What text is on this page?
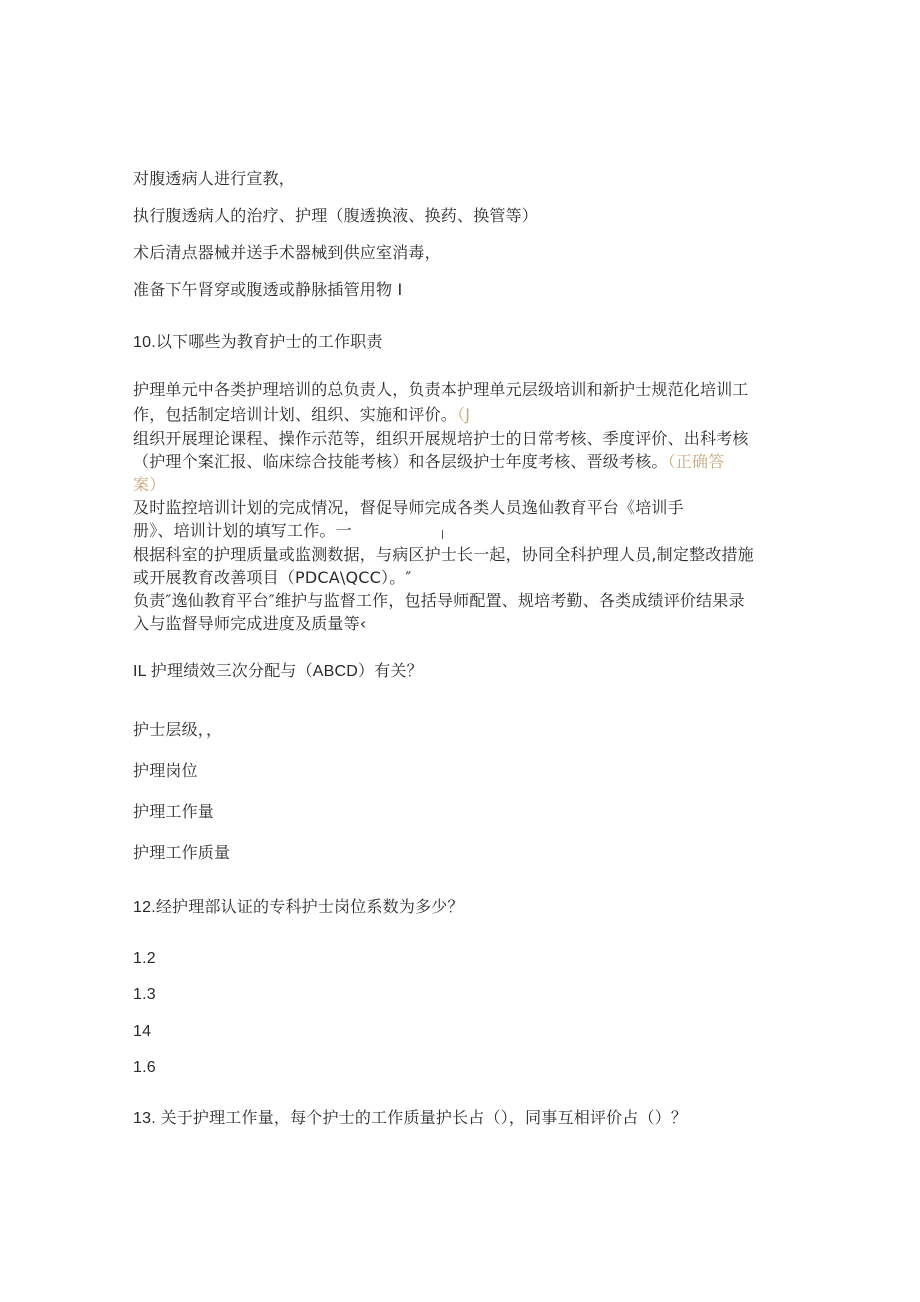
对腹透病人进行宣教，
执行腹透病人的治疗、护理（腹透换液、换药、换管等）
术后清点器械并送手术器械到供应室消毒，
准备下午肾穿或腹透或静脉插管用物 I
10.以下哪些为教育护士的工作职责
护理单元中各类护理培训的总负责人，负责本护理单元层级培训和新护士规范化培训工
作，包括制定培训计划、组织、实施和评价。（J
组织开展理论课程、操作示范等，组织开展规培护士的日常考核、季度评价、出科考核
（护理个案汇报、临床综合技能考核）和各层级护士年度考核、晋级考核。（正确答
案）
及时监控培训计划的完成情况，督促导师完成各类人员逸仙教育平台《培训手
册》、培训计划的填写工作。一
根据科室的护理质量或监测数据，与病区护士长一起，协同全科护理人员,制定整改措施
或开展教育改善项目（PDCA\QCC）。″
负责″逸仙教育平台″维护与监督工作，包括导师配置、规培考勤、各类成绩评价结果录
入与监督导师完成进度及质量等‹
IL 护理绩效三次分配与（ABCD）有关？
护士层级，，
护理岗位
护理工作量
护理工作质量
12.经护理部认证的专科护士岗位系数为多少？
1.2
1.3
14
1.6
13. 关于护理工作量，每个护士的工作质量护长占（），同事互相评价占（）？
